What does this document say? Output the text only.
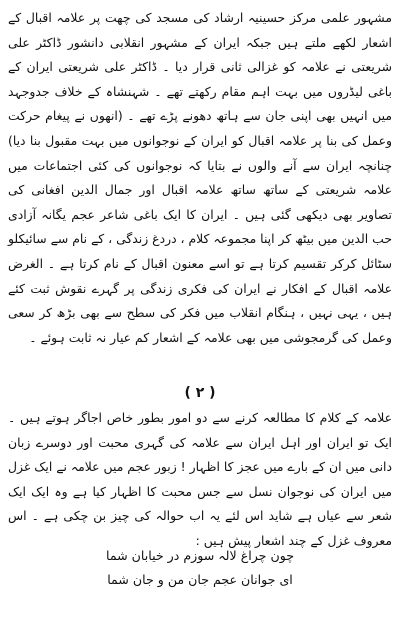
مشہور علمی مرکز حسینیہ ارشاد کی مسجد کی چھت پر علامہ اقبال کے اشعار لکھے ملتے ہیں جبکہ ایران کے مشہور انقلابی دانشور ڈاکٹر علی شریعتی نے علامہ کو غزالی ثانی قرار دیا ۔ ڈاکٹر علی شریعتی ایران کے باغی لیڈروں میں بہت اہم مقام رکھتے تھے ۔ شہنشاہ کے خلاف جدوجہد میں انہیں بھی اپنی جان سے ہاتھ دھونے پڑے تھے ۔ (انھوں نے پیغام حرکت وعمل کی بنا پر علامہ اقبال کو ایران کے نوجوانوں میں بہت مقبول بنا دیا) چنانچہ ایران سے آنے والوں نے بتایا کہ نوجوانوں کی کئی اجتماعات میں علامہ شریعتی کے ساتھ ساتھ علامہ اقبال اور جمال الدین افغانی کی تصاویر بھی دیکھی گئی ہیں ۔ ایران کا ایک باغی شاعر عجم یگانہ آزادی حب الدین میں بیٹھ کر اپنا مجموعہ کلام ، دردغ زندگی ، کے نام سے سائیکلو سٹائل کرکر تقسیم کرتا ہے تو اسے معنون اقبال کے نام کرتا ہے ۔ الغرض علامہ اقبال کے افکار نے ایران کی فکری زندگی پر گہرے نقوش ثبت کئے ہیں ، یہی نہیں ، ہنگام انقلاب میں فکر کی سطح سے بھی بڑھ کر سعی وعمل کی گرمجوشی میں بھی علامہ کے اشعار کم عیار نہ ثابت ہوئے ۔

( ۲ )

علامہ کے کلام کا مطالعہ کرنے سے دو امور بطور خاص اجاگر ہوتے ہیں ۔ ایک تو ایران اور اہل ایران سے علامہ کی گہری محبت اور دوسرے زبان دانی میں ان کے بارے میں عجز کا اظہار ! زبور عجم میں علامہ نے ایک غزل میں ایران کی نوجوان نسل سے جس محبت کا اظہار کیا ہے وہ ایک ایک شعر سے عیاں ہے شاید اس لئے یہ اب حوالہ کی چیز بن چکی ہے ۔ اس معروف غزل کے چند اشعار پیش ہیں :

چون چراغ لالہ سوزم در خیابان شما
ای جوانان عجم جان من و جان شما
